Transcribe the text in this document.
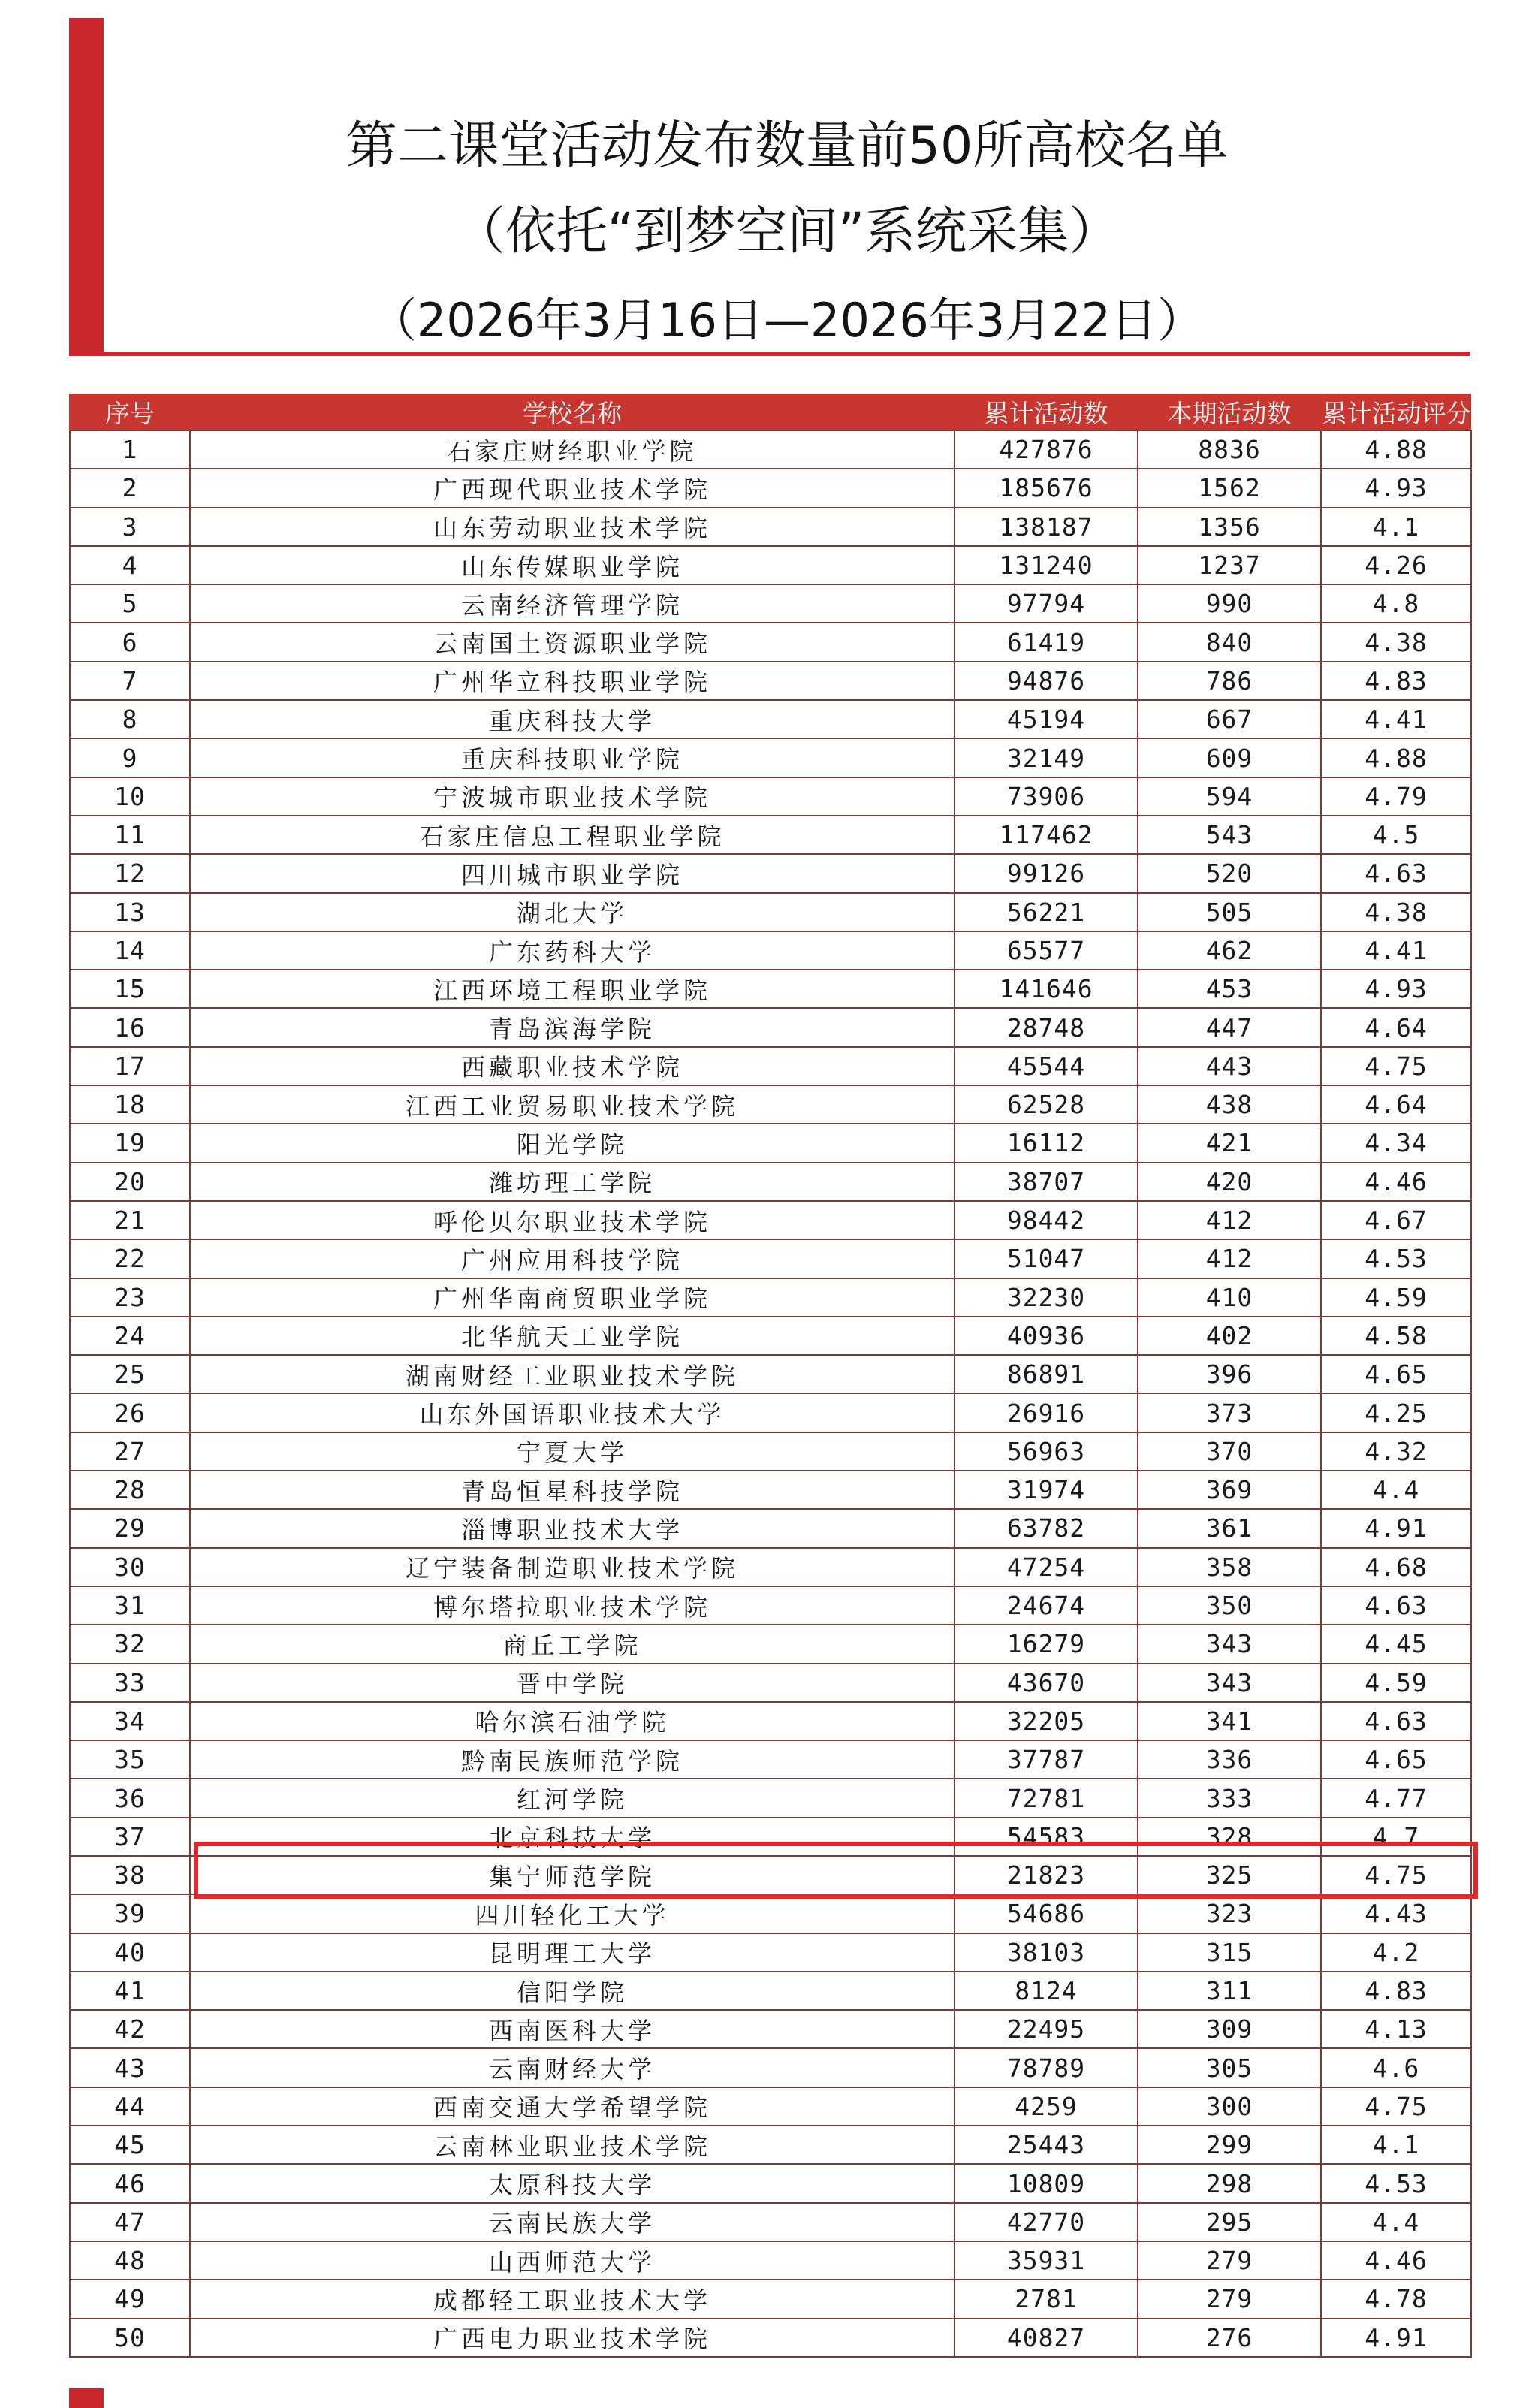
第二课堂活动发布数量前50所高校名单
（依托“到梦空间”系统采集）
（2026年3月16日—2026年3月22日）
序号	学校名称	累计活动数	本期活动数	累计活动评分
1	石家庄财经职业学院	427876	8836	4.88
2	广西现代职业技术学院	185676	1562	4.93
3	山东劳动职业技术学院	138187	1356	4.1
4	山东传媒职业学院	131240	1237	4.26
5	云南经济管理学院	97794	990	4.8
6	云南国土资源职业学院	61419	840	4.38
7	广州华立科技职业学院	94876	786	4.83
8	重庆科技大学	45194	667	4.41
9	重庆科技职业学院	32149	609	4.88
10	宁波城市职业技术学院	73906	594	4.79
11	石家庄信息工程职业学院	117462	543	4.5
12	四川城市职业学院	99126	520	4.63
13	湖北大学	56221	505	4.38
14	广东药科大学	65577	462	4.41
15	江西环境工程职业学院	141646	453	4.93
16	青岛滨海学院	28748	447	4.64
17	西藏职业技术学院	45544	443	4.75
18	江西工业贸易职业技术学院	62528	438	4.64
19	阳光学院	16112	421	4.34
20	潍坊理工学院	38707	420	4.46
21	呼伦贝尔职业技术学院	98442	412	4.67
22	广州应用科技学院	51047	412	4.53
23	广州华南商贸职业学院	32230	410	4.59
24	北华航天工业学院	40936	402	4.58
25	湖南财经工业职业技术学院	86891	396	4.65
26	山东外国语职业技术大学	26916	373	4.25
27	宁夏大学	56963	370	4.32
28	青岛恒星科技学院	31974	369	4.4
29	淄博职业技术大学	63782	361	4.91
30	辽宁装备制造职业技术学院	47254	358	4.68
31	博尔塔拉职业技术学院	24674	350	4.63
32	商丘工学院	16279	343	4.45
33	晋中学院	43670	343	4.59
34	哈尔滨石油学院	32205	341	4.63
35	黔南民族师范学院	37787	336	4.65
36	红河学院	72781	333	4.77
37	北京科技大学	54583	328	4.7
38	集宁师范学院	21823	325	4.75
39	四川轻化工大学	54686	323	4.43
40	昆明理工大学	38103	315	4.2
41	信阳学院	8124	311	4.83
42	西南医科大学	22495	309	4.13
43	云南财经大学	78789	305	4.6
44	西南交通大学希望学院	4259	300	4.75
45	云南林业职业技术学院	25443	299	4.1
46	太原科技大学	10809	298	4.53
47	云南民族大学	42770	295	4.4
48	山西师范大学	35931	279	4.46
49	成都轻工职业技术大学	2781	279	4.78
50	广西电力职业技术学院	40827	276	4.91
